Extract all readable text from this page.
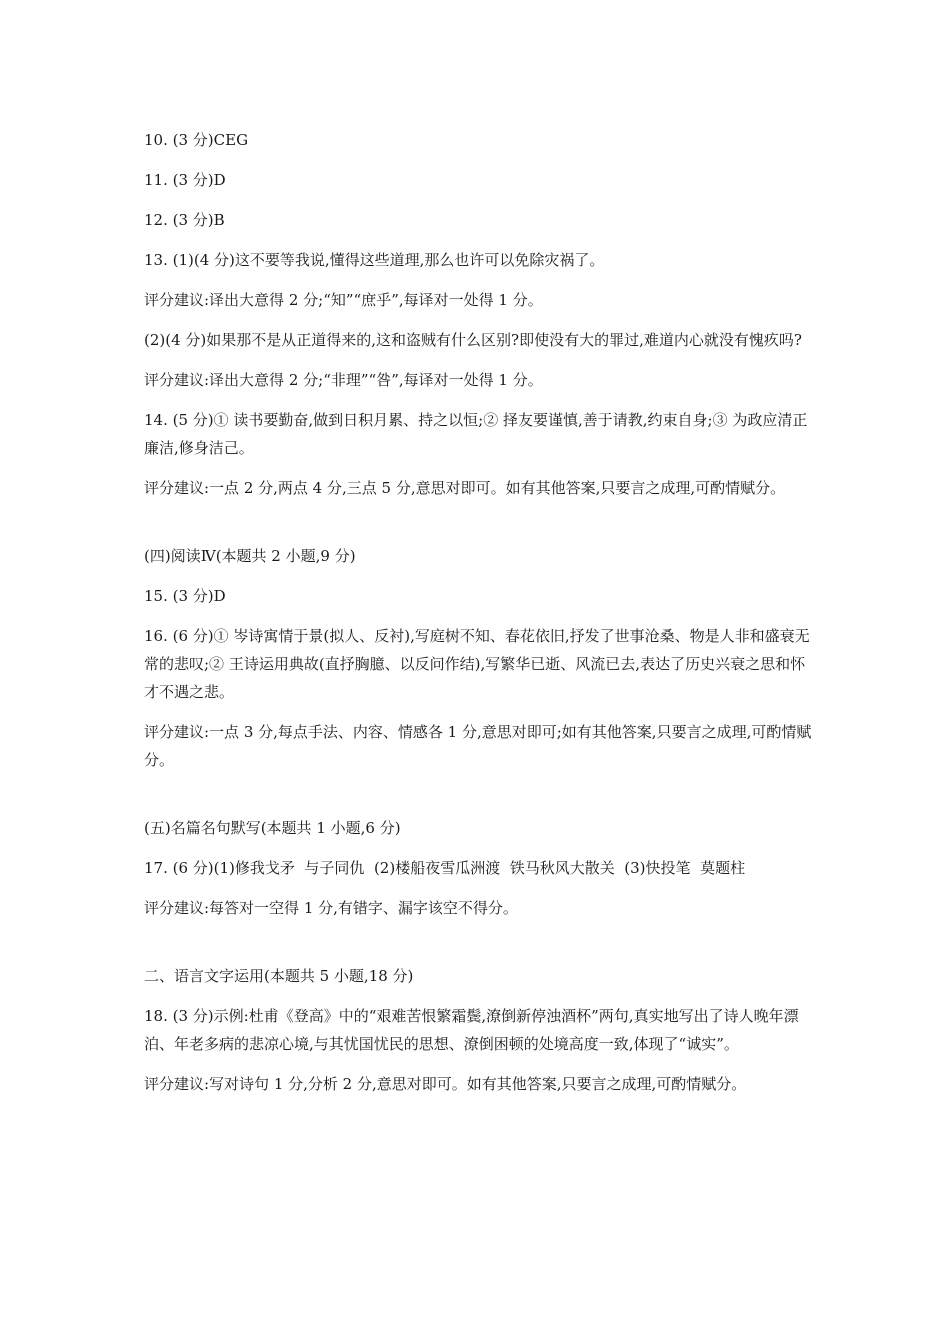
10. (3 分)CEG

11. (3 分)D

12. (3 分)B

13. (1)(4 分)这不要等我说,懂得这些道理,那么也许可以免除灾祸了。

评分建议:译出大意得 2 分;“知”“庶乎”,每译对一处得 1 分。

(2)(4 分)如果那不是从正道得来的,这和盗贼有什么区别?即使没有大的罪过,难道内心就没有愧疚吗?

评分建议:译出大意得 2 分;“非理”“咎”,每译对一处得 1 分。

14. (5 分)① 读书要勤奋,做到日积月累、持之以恒;② 择友要谨慎,善于请教,约束自身;③ 为政应清正廉洁,修身洁己。

评分建议:一点 2 分,两点 4 分,三点 5 分,意思对即可。如有其他答案,只要言之成理,可酌情赋分。

(四)阅读Ⅳ(本题共 2 小题,9 分)

15. (3 分)D

16. (6 分)① 岑诗寓情于景(拟人、反衬),写庭树不知、春花依旧,抒发了世事沧桑、物是人非和盛衰无常的悲叹;② 王诗运用典故(直抒胸臆、以反问作结),写繁华已逝、风流已去,表达了历史兴衰之思和怀才不遇之悲。

评分建议:一点 3 分,每点手法、内容、情感各 1 分,意思对即可;如有其他答案,只要言之成理,可酌情赋分。

(五)名篇名句默写(本题共 1 小题,6 分)

17. (6 分)(1)修我戈矛  与子同仇  (2)楼船夜雪瓜洲渡  铁马秋风大散关  (3)快投笔  莫题柱

评分建议:每答对一空得 1 分,有错字、漏字该空不得分。

二、语言文字运用(本题共 5 小题,18 分)

18. (3 分)示例:杜甫《登高》中的“艰难苦恨繁霜鬓,潦倒新停浊酒杯”两句,真实地写出了诗人晚年漂泊、年老多病的悲凉心境,与其忧国忧民的思想、潦倒困顿的处境高度一致,体现了“诚实”。

评分建议:写对诗句 1 分,分析 2 分,意思对即可。如有其他答案,只要言之成理,可酌情赋分。
